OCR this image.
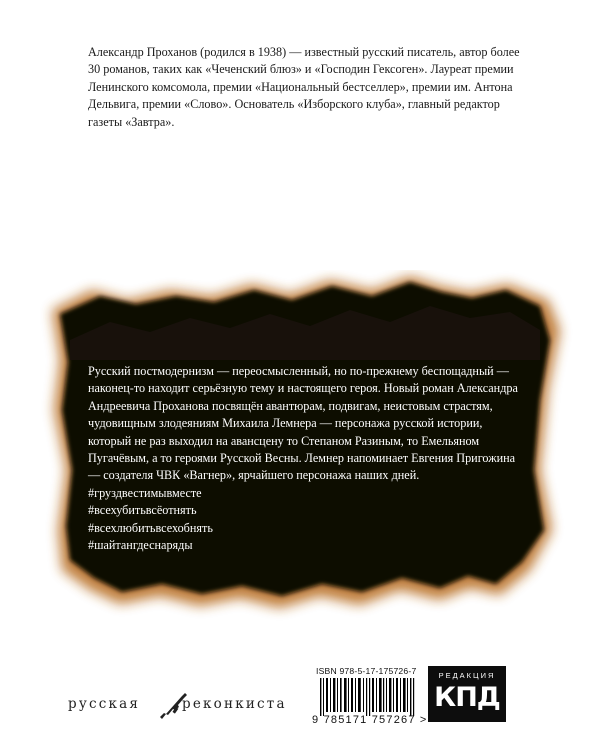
Александр Проханов (родился в 1938) — известный русский писатель, автор более 30 романов, таких как «Чеченский блюз» и «Господин Гексоген». Лауреат премии Ленинского комсомола, премии «Национальный бестселлер», премии им. Антона Дельвига, премии «Слово». Основатель «Изборского клуба», главный редактор газеты «Завтра».

Русский постмодернизм — переосмысленный, но по-прежнему беспощадный — наконец-то находит серьёзную тему и настоящего героя. Новый роман Александра Андреевича Проханова посвящён авантюрам, подвигам, неистовым страстям, чудовищным злодеяниям Михаила Лемнера — персонажа русской истории, который не раз выходил на авансцену то Степаном Разиным, то Емельяном Пугачёвым, а то героями Русской Весны. Лемнер напоминает Евгения Пригожина — создателя ЧВК «Вагнер», ярчайшего персонажа наших дней.

#груздвестимывместе
#всехубитьвсёотнять
#всехлюбитьвсехобнять
#шайтангдеснаряды
русская	реконкиста
ISBN 978-5-17-175726-7
9 785171 757267 >
РЕДАКЦИЯ
КПД
